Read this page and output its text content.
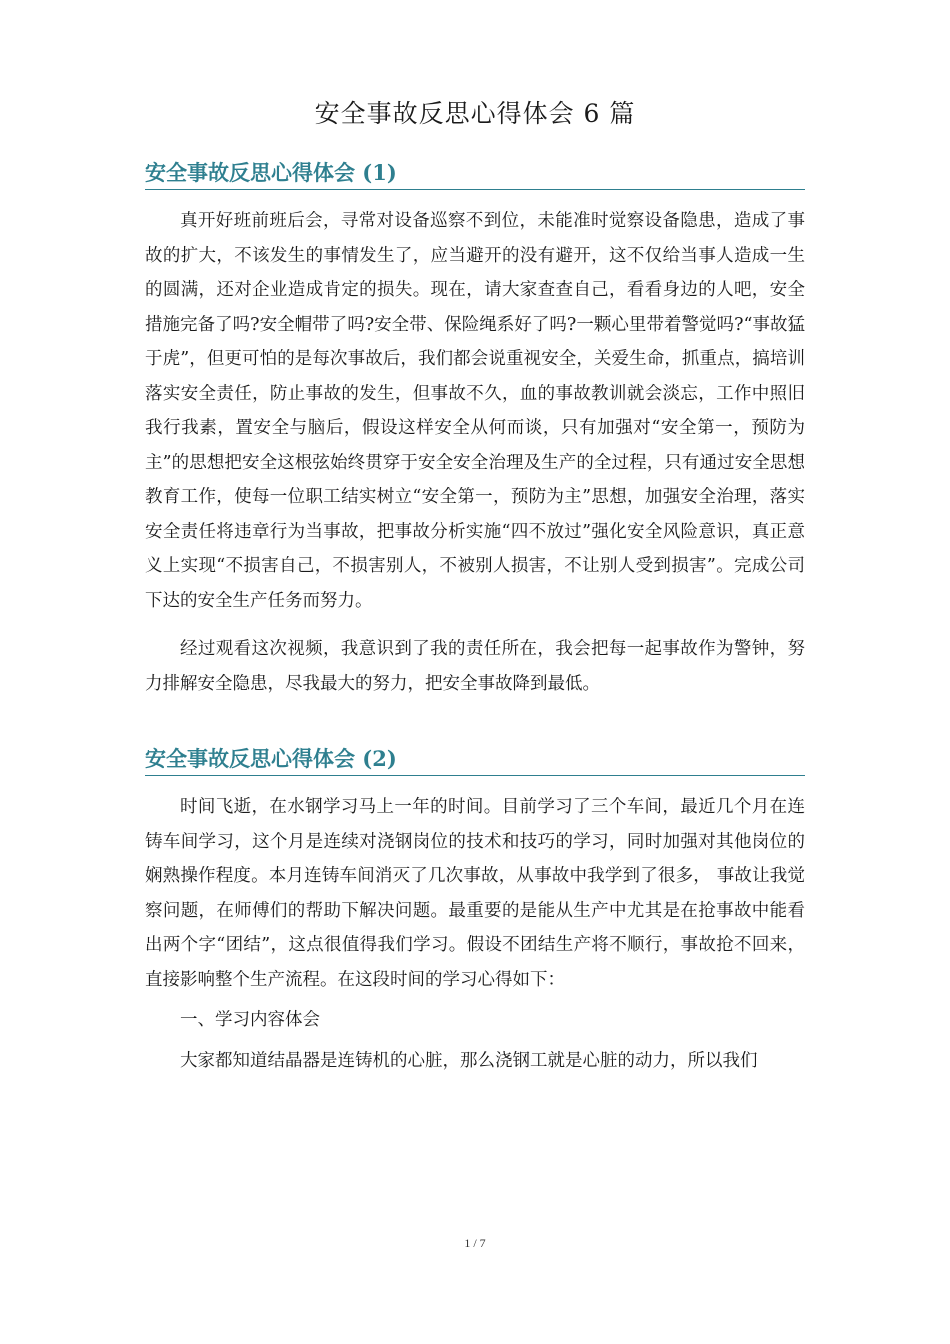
安全事故反思心得体会 6 篇
安全事故反思心得体会 (1)

真开好班前班后会，寻常对设备巡察不到位，未能准时觉察设备隐患，造成了事故的扩大，不该发生的事情发生了，应当避开的没有避开，这不仅给当事人造成一生的圆满，还对企业造成肯定的损失。现在，请大家查查自己，看看身边的人吧，安全措施完备了吗?安全帽带了吗?安全带、保险绳系好了吗?一颗心里带着警觉吗?“事故猛于虎”，但更可怕的是每次事故后，我们都会说重视安全，关爱生命，抓重点，搞培训落实安全责任，防止事故的发生，但事故不久，血的事故教训就会淡忘，工作中照旧我行我素，置安全与脑后，假设这样安全从何而谈，只有加强对“安全第一，预防为主”的思想把安全这根弦始终贯穿于安全安全治理及生产的全过程，只有通过安全思想教育工作，使每一位职工结实树立“安全第一，预防为主”思想，加强安全治理，落实安全责任将违章行为当事故，把事故分析实施“四不放过”强化安全风险意识，真正意义上实现“不损害自己，不损害别人，不被别人损害，不让别人受到损害”。完成公司下达的安全生产任务而努力。

经过观看这次视频，我意识到了我的责任所在，我会把每一起事故作为警钟，努力排解安全隐患，尽我最大的努力，把安全事故降到最低。

安全事故反思心得体会 (2)

时间飞逝，在水钢学习马上一年的时间。目前学习了三个车间，最近几个月在连铸车间学习，这个月是连续对浇钢岗位的技术和技巧的学习，同时加强对其他岗位的娴熟操作程度。本月连铸车间消灭了几次事故，从事故中我学到了很多， 事故让我觉察问题，在师傅们的帮助下解决问题。最重要的是能从生产中尤其是在抢事故中能看出两个字“团结”，这点很值得我们学习。假设不团结生产将不顺行，事故抢不回来，直接影响整个生产流程。在这段时间的学习心得如下：

一、学习内容体会

大家都知道结晶器是连铸机的心脏，那么浇钢工就是心脏的动力，所以我们

1 / 7
